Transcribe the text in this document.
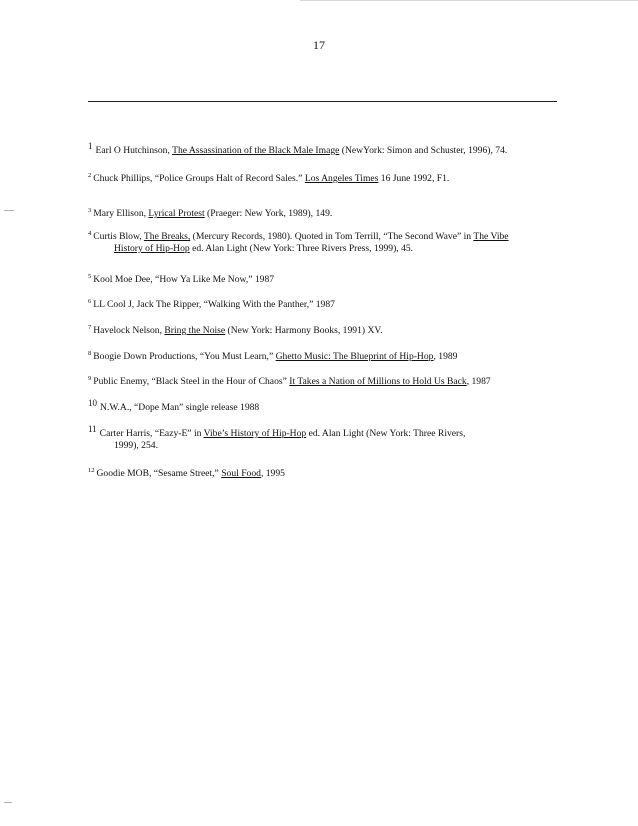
17
1 Earl O Hutchinson, The Assassination of the Black Male Image (NewYork: Simon and Schuster, 1996), 74.
$^2$ Chuck Phillips, “Police Groups Halt of Record Sales.” Los Angeles Times 16 June 1992, F1.
$^3$ Mary Ellison, Lyrical Protest (Praeger: New York, 1989), 149.
$^4$ Curtis Blow, The Breaks, (Mercury Records, 1980). Quoted in Tom Terrill, “The Second Wave” in The Vibe
History of Hip-Hop ed. Alan Light (New York: Three Rivers Press, 1999), 45.
$^5$ Kool Moe Dee, “How Ya Like Me Now,” 1987
$^6$ LL Cool J, Jack The Ripper, “Walking With the Panther,” 1987
$^7$ Havelock Nelson, Bring the Noise (New York: Harmony Books, 1991) XV.
$^8$ Boogie Down Productions, “You Must Learn,” Ghetto Music: The Blueprint of Hip-Hop, 1989
$^9$ Public Enemy, “Black Steel in the Hour of Chaos” It Takes a Nation of Millions to Hold Us Back, 1987
10 N.W.A., “Dope Man” single release 1988
11 Carter Harris, “Eazy-E” in Vibe’s History of Hip-Hop ed. Alan Light (New York: Three Rivers,
1999), 254.
$^{12}$ Goodie MOB, “Sesame Street,” Soul Food, 1995
